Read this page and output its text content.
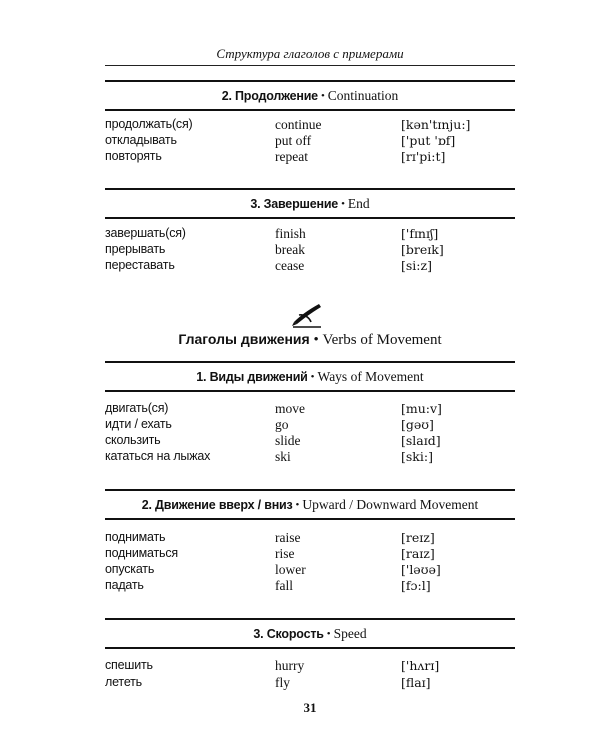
Структура глаголов с примерами
2. Продолжение • Continuation
продолжать(ся)	continue	[kən'tɪnju:]
откладывать	put off	['put 'ɒf]
повторять	repeat	[rɪ'pi:t]
3. Завершение • End
завершать(ся)	finish	['fɪnɪʃ]
прерывать	break	[breɪk]
переставать	cease	[si:z]
Глаголы движения • Verbs of Movement
1. Виды движений • Ways of Movement
двигать(ся)	move	[mu:v]
идти / ехать	go	[gəʊ]
скользить	slide	[slaɪd]
кататься на лыжах	ski	[ski:]
2. Движение вверх / вниз • Upward / Downward Movement
поднимать	raise	[reɪz]
подниматься	rise	[raɪz]
опускать	lower	['ləʊə]
падать	fall	[fɔ:l]
3. Скорость • Speed
спешить	hurry	['hʌrɪ]
лететь	fly	[flaɪ]
31
